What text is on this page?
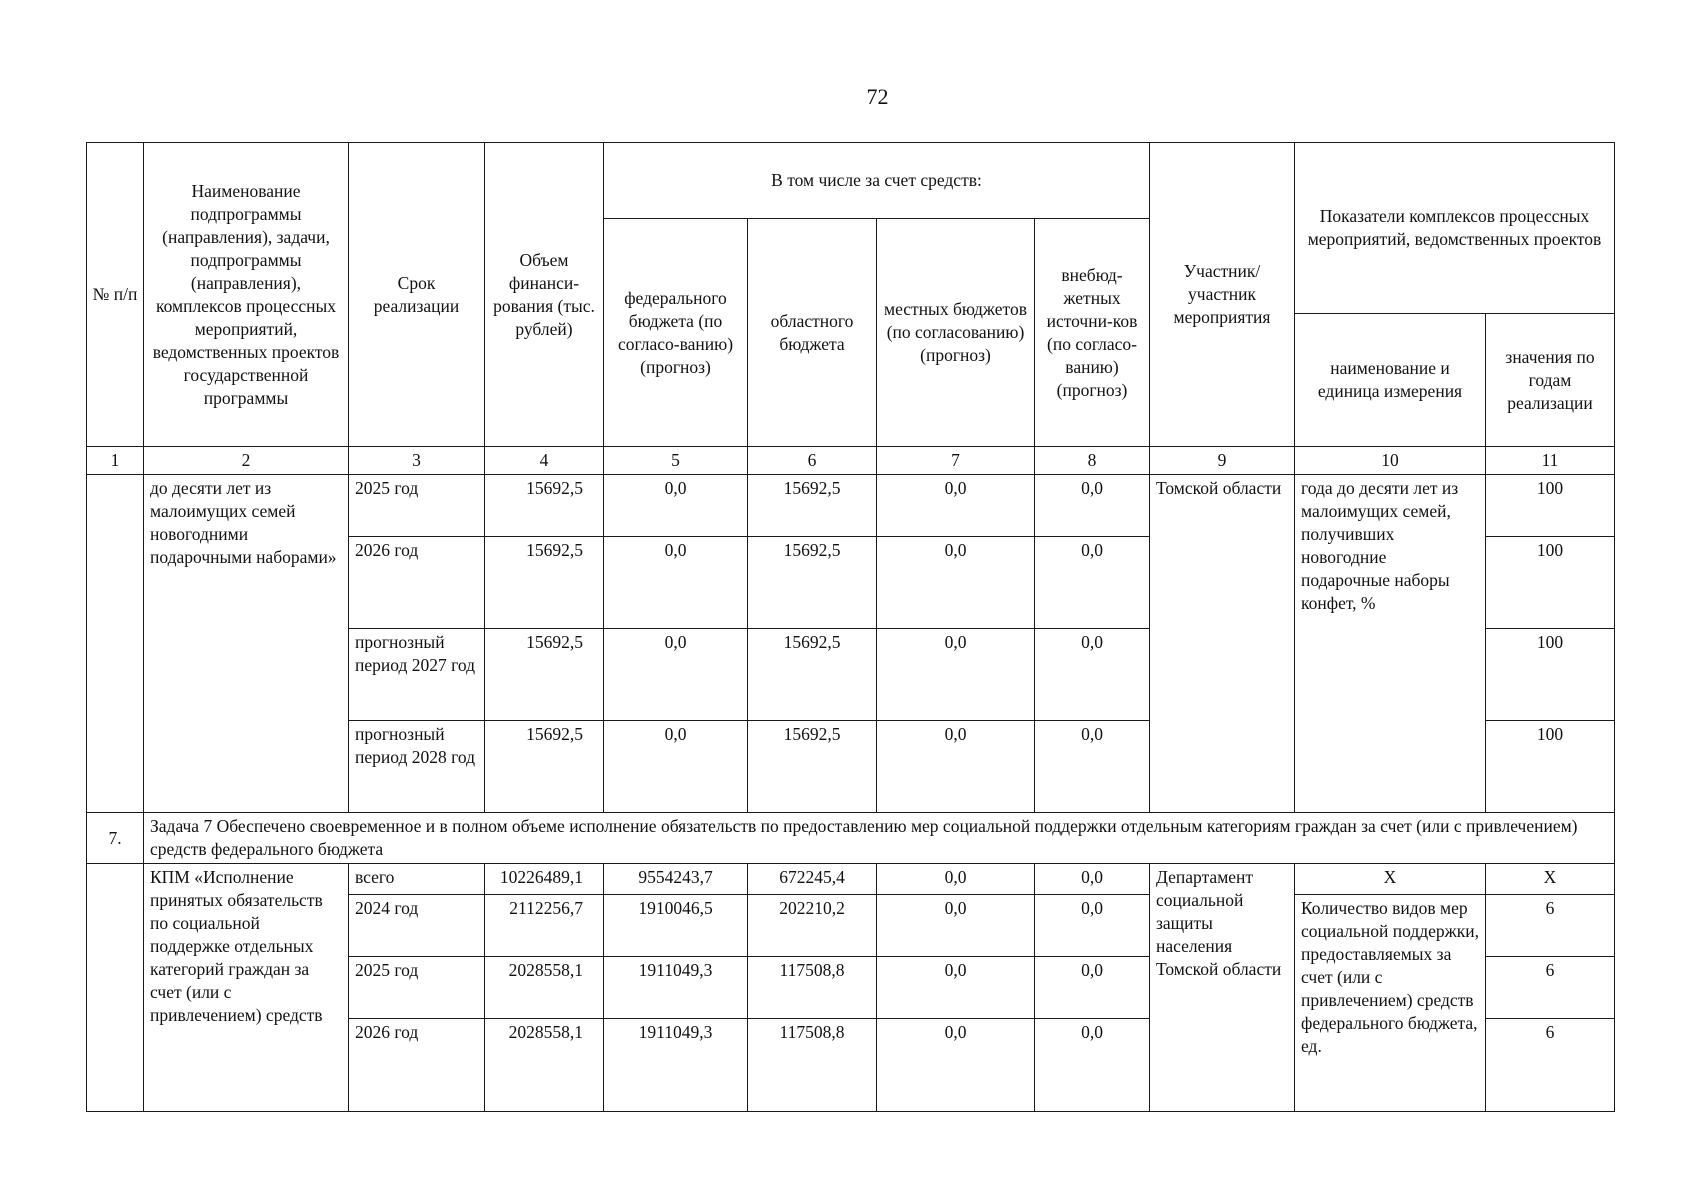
72
№ п/п	Наименование подпрограммы (направления), задачи, подпрограммы (направления), комплексов процессных мероприятий, ведомственных проектов государственной программы	Срок реализации	Объем финанси-рования (тыс. рублей)	В том числе за счет средств:				Участник/ участник мероприятия	Показатели комплексов процессных мероприятий, ведомственных проектов	
				федерального бюджета (по согласо-ванию) (прогноз)	областного бюджета	местных бюджетов (по согласованию) (прогноз)	внебюд-жетных источни-ков (по согласо-ванию) (прогноз)			
									наименование и единица измерения	значения по годам реализации
1	2	3	4	5	6	7	8	9	10	11
	до десяти лет из малоимущих семей новогодними подарочными наборами»	2025 год	15692,5	0,0	15692,5	0,0	0,0	Томской области	года до десяти лет из малоимущих семей, получивших новогодние подарочные наборы конфет, %	100
		2026 год	15692,5	0,0	15692,5	0,0	0,0			100
		прогнозный период 2027 год	15692,5	0,0	15692,5	0,0	0,0			100
		прогнозный период 2028 год	15692,5	0,0	15692,5	0,0	0,0			100
7.	Задача 7 Обеспечено своевременное и в полном объеме исполнение обязательств по предоставлению мер социальной поддержки отдельным категориям граждан за счет (или с привлечением) средств федерального бюджета									
	КПМ «Исполнение принятых обязательств по социальной поддержке отдельных категорий граждан за счет (или с привлечением) средств	всего	10226489,1	9554243,7	672245,4	0,0	0,0	Департамент социальной защиты населения Томской области	X	X
		2024 год	2112256,7	1910046,5	202210,2	0,0	0,0		Количество видов мер социальной поддержки, предоставляемых за счет (или с привлечением) средств федерального бюджета, ед.	6
		2025 год	2028558,1	1911049,3	117508,8	0,0	0,0			6
		2026 год	2028558,1	1911049,3	117508,8	0,0	0,0			6
